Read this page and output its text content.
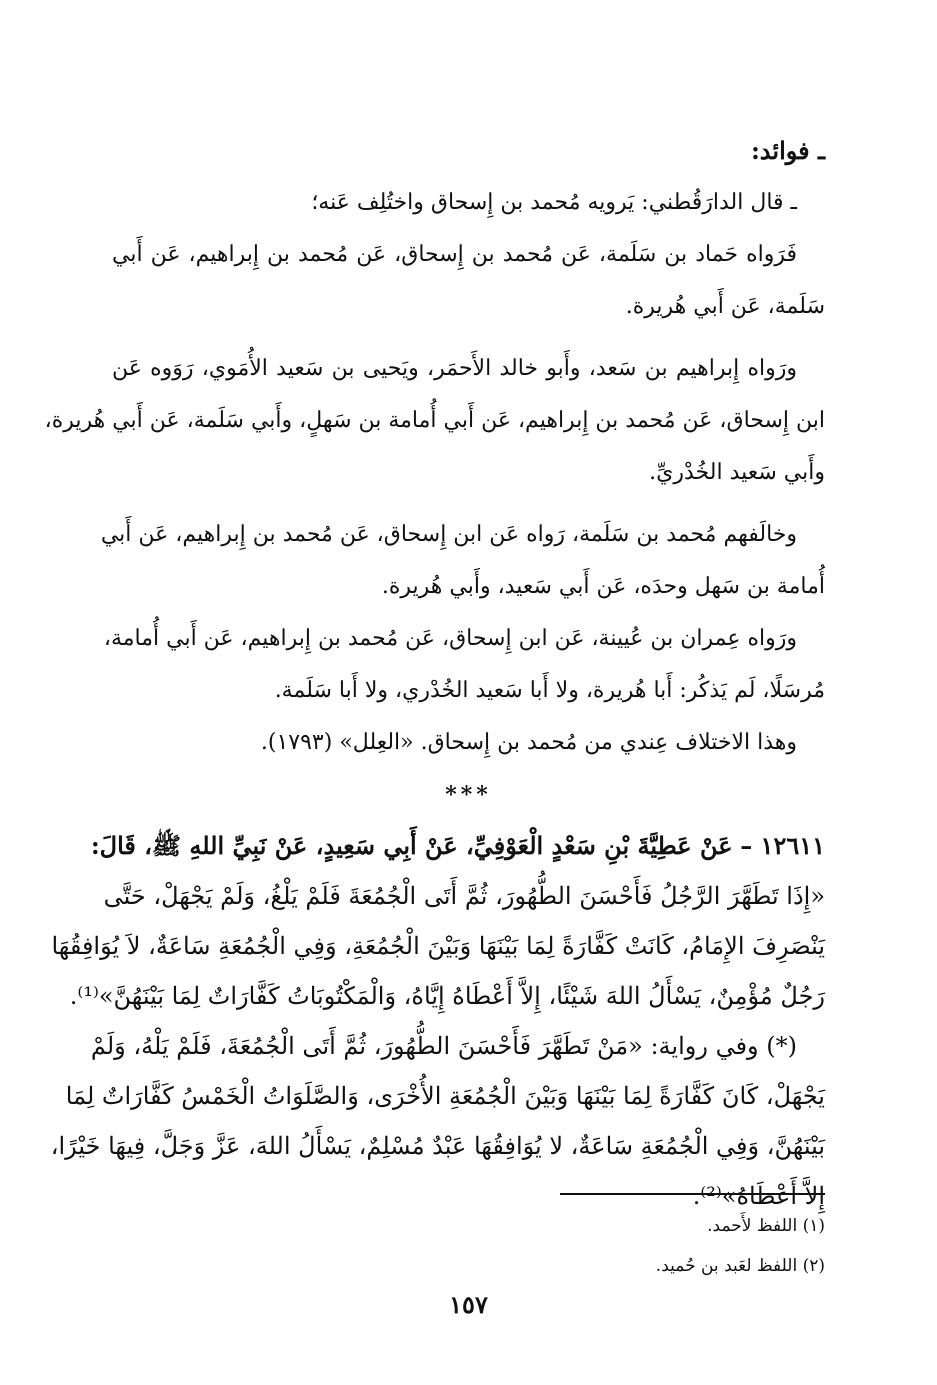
ـ فوائد:
ـ قال الدارَقُطني: يَرويه مُحمد بن إِسحاق واختُلِف عَنه؛
فَرَواه حَماد بن سَلَمة، عَن مُحمد بن إِسحاق، عَن مُحمد بن إِبراهيم، عَن أَبي
سَلَمة، عَن أَبي هُريرة.
ورَواه إِبراهيم بن سَعد، وأَبو خالد الأَحمَر، ويَحيى بن سَعيد الأُمَوي، رَوَوه عَن
ابن إِسحاق، عَن مُحمد بن إِبراهيم، عَن أَبي أُمامة بن سَهلٍ، وأَبي سَلَمة، عَن أَبي هُريرة،
وأَبي سَعيد الخُدْريِّ.
وخالَفهم مُحمد بن سَلَمة، رَواه عَن ابن إِسحاق، عَن مُحمد بن إِبراهيم، عَن أَبي
أُمامة بن سَهل وحدَه، عَن أَبي سَعيد، وأَبي هُريرة.
ورَواه عِمران بن عُيينة، عَن ابن إِسحاق، عَن مُحمد بن إِبراهيم، عَن أَبي أُمامة،
مُرسَلًا، لَم يَذكُر: أَبا هُريرة، ولا أَبا سَعيد الخُدْري، ولا أَبا سَلَمة.
وهذا الاختلاف عِندي من مُحمد بن إِسحاق. «العِلل» (١٧٩٣).
***
١٢٦١١ – عَنْ عَطِيَّةَ بْنِ سَعْدٍ الْعَوْفِيِّ، عَنْ أَبِي سَعِيدٍ، عَنْ نَبِيِّ اللهِ ﷺ، قَالَ:
«إِذَا تَطَهَّرَ الرَّجُلُ فَأَحْسَنَ الطُّهُورَ، ثُمَّ أَتَى الْجُمُعَةَ فَلَمْ يَلْغُ، وَلَمْ يَجْهَلْ، حَتَّى
يَنْصَرِفَ الإِمَامُ، كَانَتْ كَفَّارَةً لِمَا بَيْنَهَا وَبَيْنَ الْجُمُعَةِ، وَفِي الْجُمُعَةِ سَاعَةٌ، لاَ يُوَافِقُهَا
رَجُلٌ مُؤْمِنٌ، يَسْأَلُ اللهَ شَيْئًا، إِلاَّ أَعْطَاهُ إِيَّاهُ، وَالْمَكْتُوبَاتُ كَفَّارَاتٌ لِمَا بَيْنَهُنَّ»⁽¹⁾.
(*) وفي رواية: «مَنْ تَطَهَّرَ فَأَحْسَنَ الطُّهُورَ، ثُمَّ أَتَى الْجُمُعَةَ، فَلَمْ يَلْهُ، وَلَمْ
يَجْهَلْ، كَانَ كَفَّارَةً لِمَا بَيْنَهَا وَبَيْنَ الْجُمُعَةِ الأُخْرَى، وَالصَّلَوَاتُ الْخَمْسُ كَفَّارَاتٌ لِمَا
بَيْنَهُنَّ، وَفِي الْجُمُعَةِ سَاعَةٌ، لا يُوَافِقُهَا عَبْدٌ مُسْلِمٌ، يَسْأَلُ اللهَ، عَزَّ وَجَلَّ، فِيهَا خَيْرًا،
إِلاَّ أَعْطَاهُ»⁽²⁾.
(١) اللفظ لأَحمد.
(٢) اللفظ لعَبد بن حُميد.
١٥٧
